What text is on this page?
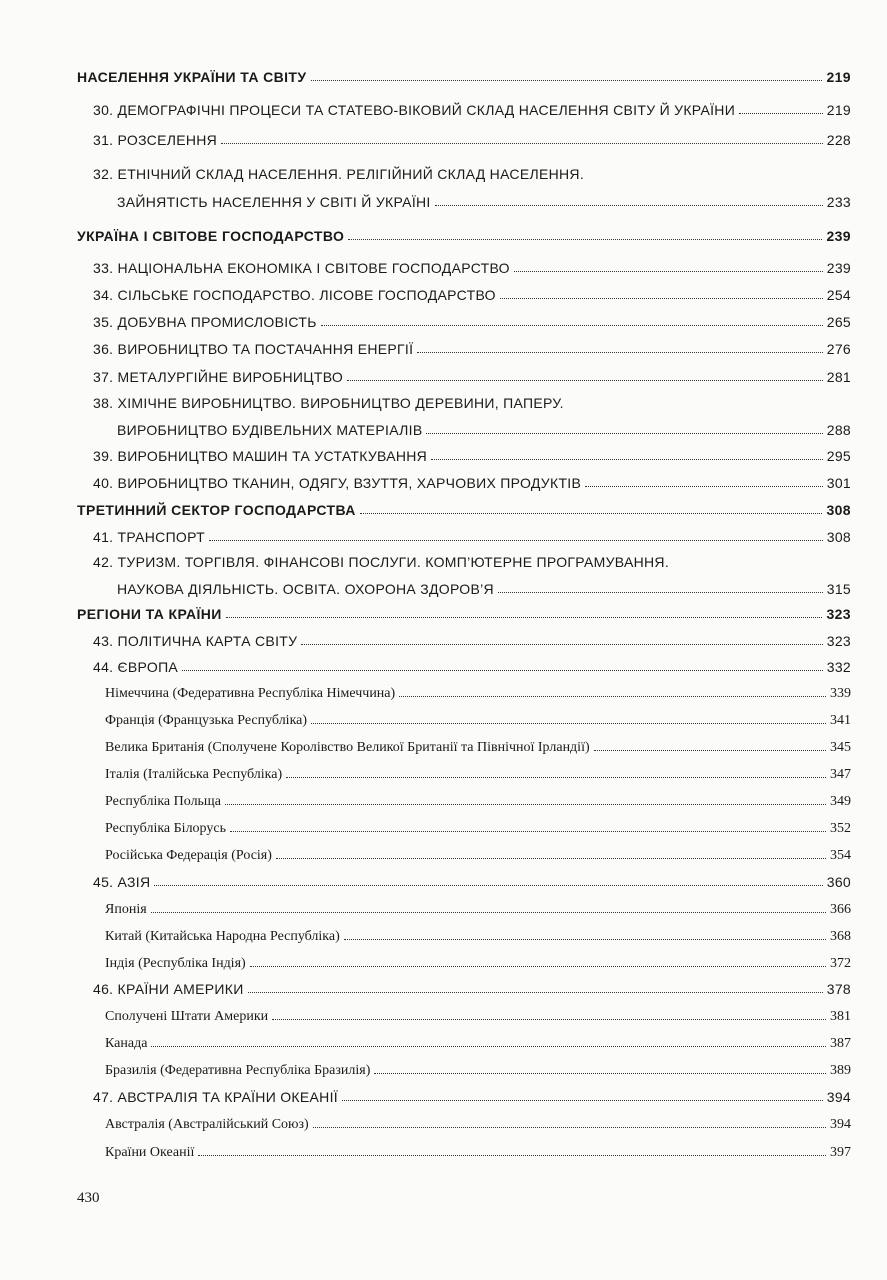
НАСЕЛЕННЯ УКРАЇНИ ТА СВІТУ	219
30. ДЕМОГРАФІЧНІ ПРОЦЕСИ ТА СТАТЕВО-ВІКОВИЙ СКЛАД НАСЕЛЕННЯ СВІТУ Й УКРАЇНИ	219
31. РОЗСЕЛЕННЯ	228
32. ЕТНІЧНИЙ СКЛАД НАСЕЛЕННЯ. РЕЛІГІЙНИЙ СКЛАД НАСЕЛЕННЯ.
ЗАЙНЯТІСТЬ НАСЕЛЕННЯ У СВІТІ Й УКРАЇНІ	233
УКРАЇНА І СВІТОВЕ ГОСПОДАРСТВО	239
33. НАЦІОНАЛЬНА ЕКОНОМІКА І СВІТОВЕ ГОСПОДАРСТВО	239
34. СІЛЬСЬКЕ ГОСПОДАРСТВО. ЛІСОВЕ ГОСПОДАРСТВО	254
35. ДОБУВНА ПРОМИСЛОВІСТЬ	265
36. ВИРОБНИЦТВО ТА ПОСТАЧАННЯ ЕНЕРГІЇ	276
37. МЕТАЛУРГІЙНЕ ВИРОБНИЦТВО	281
38. ХІМІЧНЕ ВИРОБНИЦТВО. ВИРОБНИЦТВО ДЕРЕВИНИ, ПАПЕРУ.
ВИРОБНИЦТВО БУДІВЕЛЬНИХ МАТЕРІАЛІВ	288
39. ВИРОБНИЦТВО МАШИН ТА УСТАТКУВАННЯ	295
40. ВИРОБНИЦТВО ТКАНИН, ОДЯГУ, ВЗУТТЯ, ХАРЧОВИХ ПРОДУКТІВ	301
ТРЕТИННИЙ СЕКТОР ГОСПОДАРСТВА	308
41. ТРАНСПОРТ	308
42. ТУРИЗМ. ТОРГІВЛЯ. ФІНАНСОВІ ПОСЛУГИ. КОМП’ЮТЕРНЕ ПРОГРАМУВАННЯ.
НАУКОВА ДІЯЛЬНІСТЬ. ОСВІТА. ОХОРОНА ЗДОРОВ’Я	315
РЕГІОНИ ТА КРАЇНИ	323
43. ПОЛІТИЧНА КАРТА СВІТУ	323
44. ЄВРОПА	332
Німеччина (Федеративна Республіка Німеччина)	339
Франція (Французька Республіка)	341
Велика Британія (Сполучене Королівство Великої Британії та Північної Ірландії)	345
Італія (Італійська Республіка)	347
Республіка Польща	349
Республіка Білорусь	352
Російська Федерація (Росія)	354
45. АЗІЯ	360
Японія	366
Китай (Китайська Народна Республіка)	368
Індія (Республіка Індія)	372
46. КРАЇНИ АМЕРИКИ	378
Сполучені Штати Америки	381
Канада	387
Бразилія (Федеративна Республіка Бразилія)	389
47. АВСТРАЛІЯ ТА КРАЇНИ ОКЕАНІЇ	394
Австралія (Австралійський Союз)	394
Країни Океанії	397
430
